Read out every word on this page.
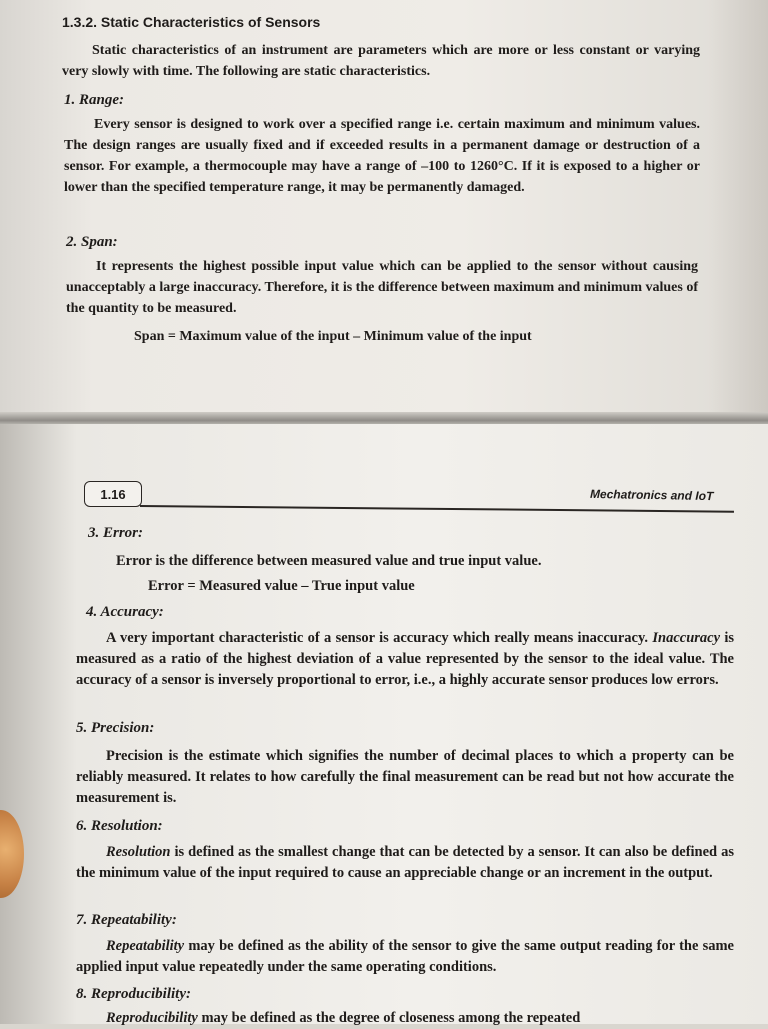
1.3.2. Static Characteristics of Sensors

Static characteristics of an instrument are parameters which are more or less constant or varying very slowly with time. The following are static characteristics.

1. Range:

Every sensor is designed to work over a specified range i.e. certain maximum and minimum values. The design ranges are usually fixed and if exceeded results in a permanent damage or destruction of a sensor. For example, a thermocouple may have a range of –100 to 1260°C. If it is exposed to a higher or lower than the specified temperature range, it may be permanently damaged.

2. Span:

It represents the highest possible input value which can be applied to the sensor without causing unacceptably a large inaccuracy. Therefore, it is the difference between maximum and minimum values of the quantity to be measured.

Span = Maximum value of the input – Minimum value of the input
1.16	Mechatronics and IoT
3. Error:
Error is the difference between measured value and true input value.
Error = Measured value – True input value
4. Accuracy:

A very important characteristic of a sensor is accuracy which really means inaccuracy. Inaccuracy is measured as a ratio of the highest deviation of a value represented by the sensor to the ideal value. The accuracy of a sensor is inversely proportional to error, i.e., a highly accurate sensor produces low errors.

5. Precision:

Precision is the estimate which signifies the number of decimal places to which a property can be reliably measured. It relates to how carefully the final measurement can be read but not how accurate the measurement is.

6. Resolution:

Resolution is defined as the smallest change that can be detected by a sensor. It can also be defined as the minimum value of the input required to cause an appreciable change or an increment in the output.

7. Repeatability:

Repeatability may be defined as the ability of the sensor to give the same output reading for the same applied input value repeatedly under the same operating conditions.

8. Reproducibility:

Reproducibility may be defined as the degree of closeness among the repeated
